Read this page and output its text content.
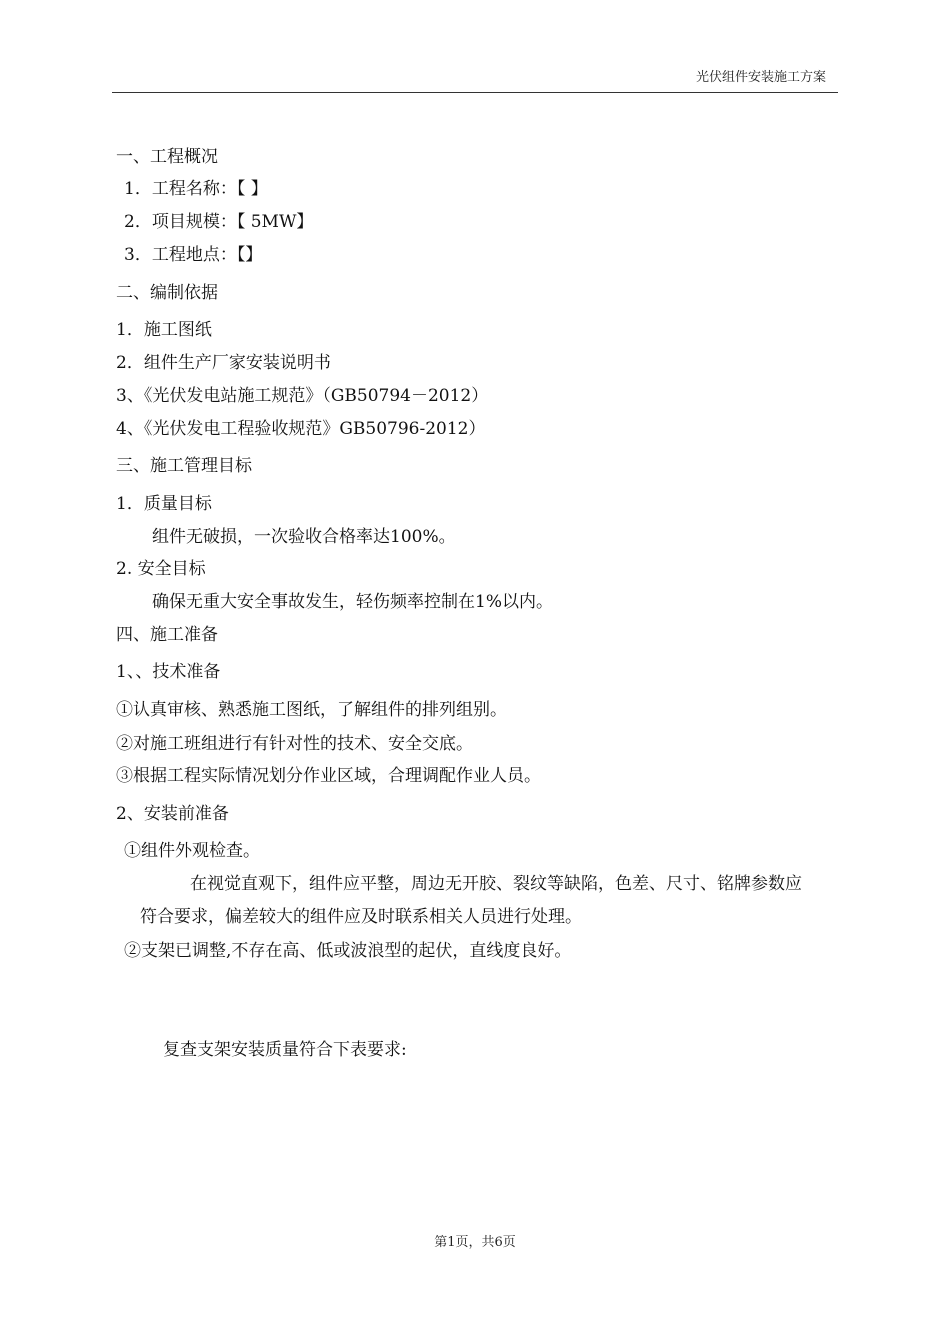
光伏组件安装施工方案
一、工程概况
1．工程名称：【 】
2．项目规模：【 5MW】
3．工程地点：【】
二、编制依据
1．施工图纸
2．组件生产厂家安装说明书
3、《光伏发电站施工规范》（GB50794－2012）
4、《光伏发电工程验收规范》GB50796-2012）
三、施工管理目标
1．质量目标
组件无破损，一次验收合格率达100%。
2. 安全目标
确保无重大安全事故发生，轻伤频率控制在1%以内。
四、施工准备
1、、技术准备
①认真审核、熟悉施工图纸，了解组件的排列组别。
②对施工班组进行有针对性的技术、安全交底。
③根据工程实际情况划分作业区域，合理调配作业人员。
2、安装前准备
①组件外观检查。
在视觉直观下，组件应平整，周边无开胶、裂纹等缺陷，色差、尺寸、铭牌参数应
符合要求，偏差较大的组件应及时联系相关人员进行处理。
②支架已调整,不存在高、低或波浪型的起伏，直线度良好。
复查支架安装质量符合下表要求:
第1页，共6页
